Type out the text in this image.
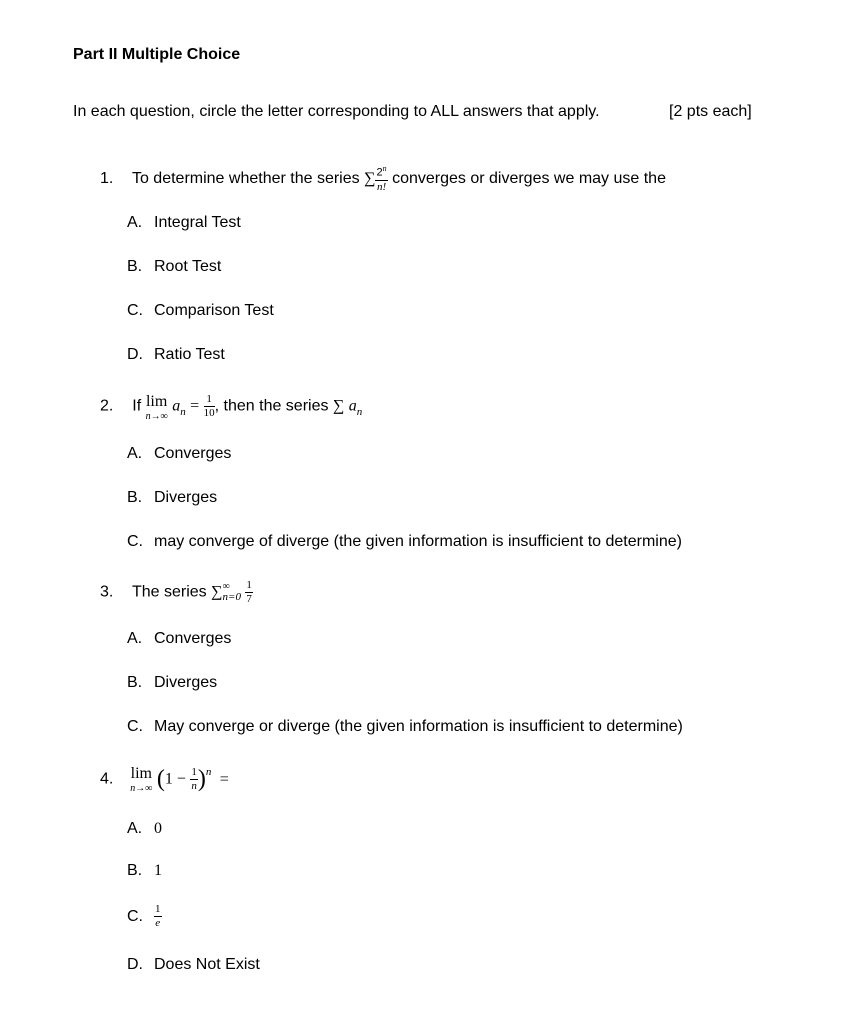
Part II Multiple Choice
In each question, circle the letter corresponding to ALL answers that apply.	[2 pts each]
1. To determine whether the series ∑ $\frac{2^n}{n!}$ converges or diverges we may use the
A. Integral Test
B. Root Test
C. Comparison Test
D. Ratio Test
2. If lim
n→∞
$a_n = \frac{1}{10}$ , then the series ∑ $a_n$
A. Converges
B. Diverges
C. may converge of diverge (the given information is insufficient to determine)
3. The series ∑ ∞
n=0
$\frac{1}{7}$
A. Converges
B. Diverges
C. May converge or diverge (the given information is insufficient to determine)
4. lim
n→∞ $(1 - \frac{1}{n} )^n$ =
A. 0
B. 1
C. $\frac{1}{e}$
D. Does Not Exist
